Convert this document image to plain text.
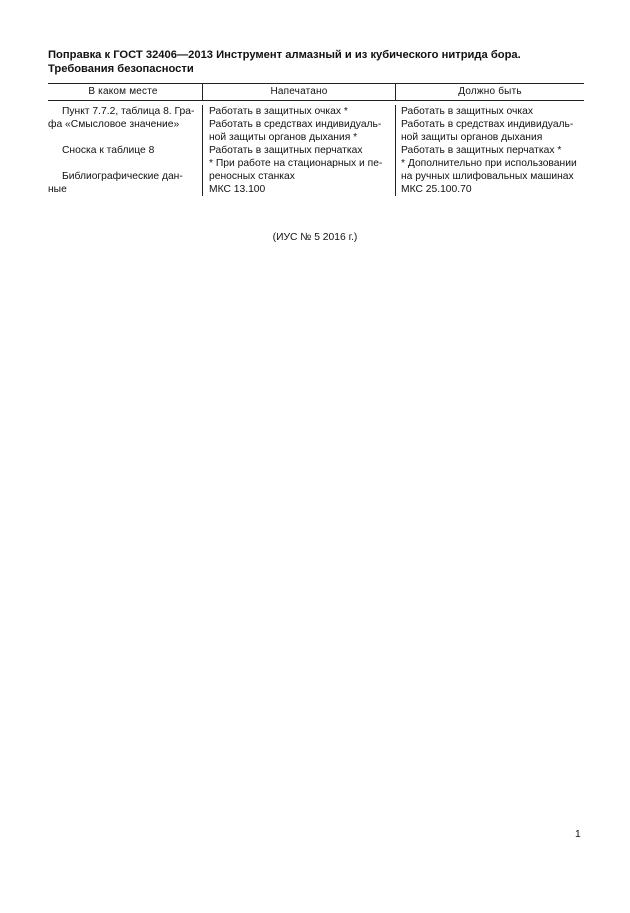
Поправка к ГОСТ 32406—2013 Инструмент алмазный и из кубического нитрида бора. Требования безопасности
В каком месте	Напечатано	Должно быть
Пункт 7.7.2, таблица 8. Гра-
фа «Смысловое значение»
Сноска к таблице 8
Библиографические дан-
ные
Работать в защитных очках *
Работать в средствах индивидуаль-
ной защиты органов дыхания *
Работать в защитных перчатках
* При работе на стационарных и пе-
реносных станках
МКС 13.100
Работать в защитных очках
Работать в средствах индивидуаль-
ной защиты органов дыхания
Работать в защитных перчатках *
* Дополнительно при использовании
на ручных шлифовальных машинах
МКС 25.100.70
(ИУС № 5 2016 г.)
1
